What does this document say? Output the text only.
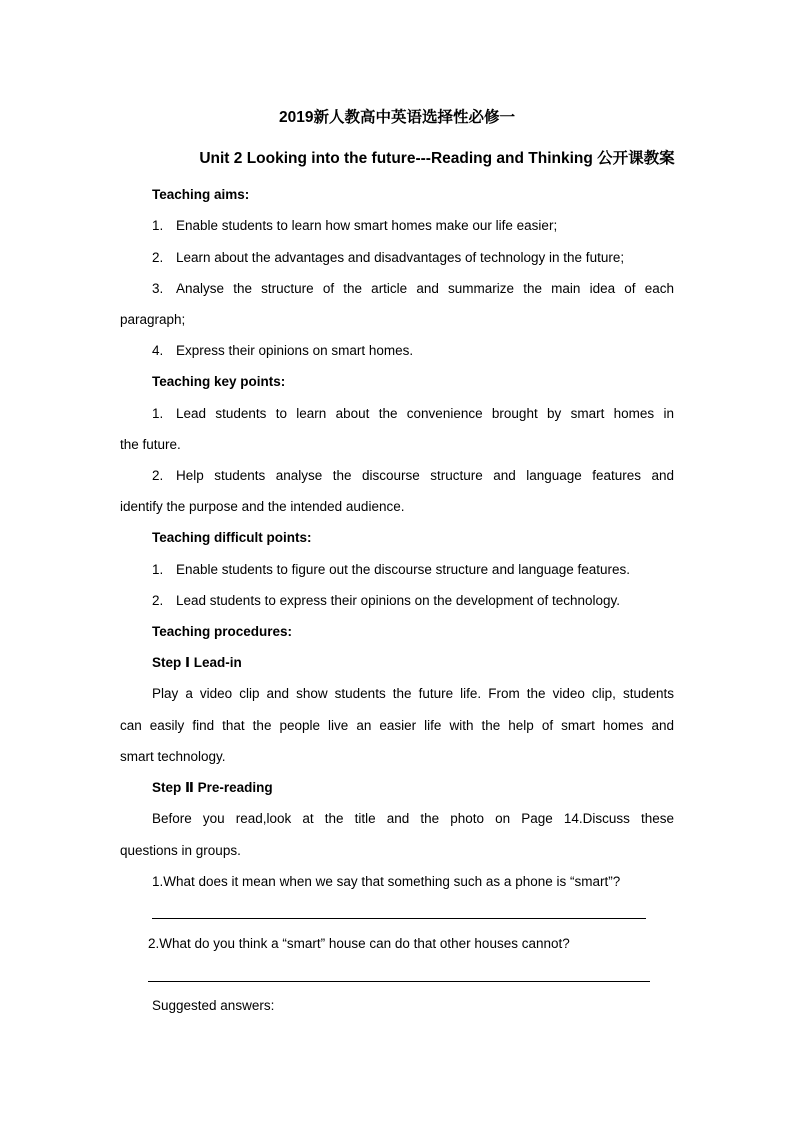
2019新人教高中英语选择性必修一
Unit 2 Looking into the future---Reading and Thinking 公开课教案
Teaching aims:
1. Enable students to learn how smart homes make our life easier;
2. Learn about the advantages and disadvantages of technology in the future;
3. Analyse the structure of the article and summarize the main idea of each
paragraph;
4. Express their opinions on smart homes.
Teaching key points:
1. Lead students to learn about the convenience brought by smart homes in
the future.
2. Help students analyse the discourse structure and language features and
identify the purpose and the intended audience.
Teaching difficult points:
1. Enable students to figure out the discourse structure and language features.
2. Lead students to express their opinions on the development of technology.
Teaching procedures:
Step Ⅰ Lead-in
Play a video clip and show students the future life. From the video clip, students
can easily find that the people live an easier life with the help of smart homes and
smart technology.
Step Ⅱ Pre-reading
Before you read,look at the title and the photo on Page 14.Discuss these
questions in groups.
1.What does it mean when we say that something such as a phone is “smart”?
2.What do you think a “smart” house can do that other houses cannot?
Suggested answers:
